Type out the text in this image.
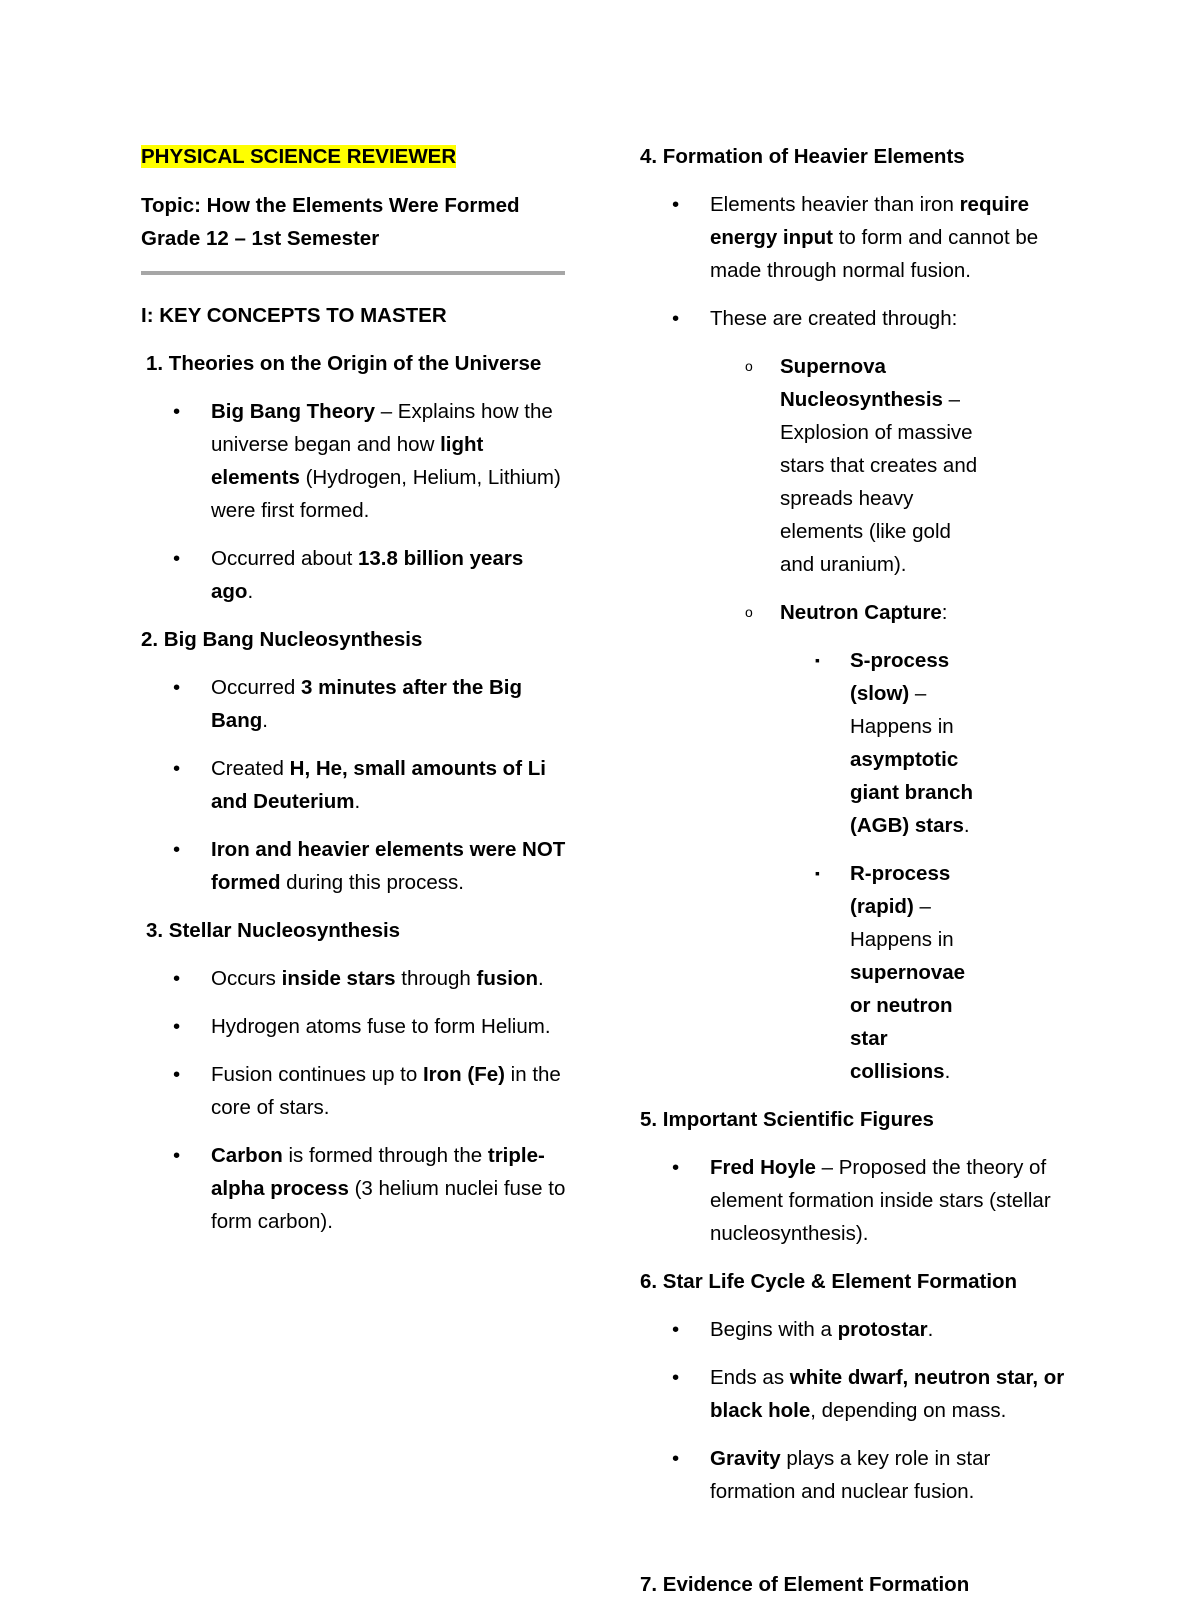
PHYSICAL SCIENCE REVIEWER

Topic: How the Elements Were Formed

Grade 12 – 1st Semester

I: KEY CONCEPTS TO MASTER
1. Theories on the Origin of the Universe
• Big Bang Theory – Explains how the universe began and how light elements (Hydrogen, Helium, Lithium) were first formed.
• Occurred about 13.8 billion years ago.
2. Big Bang Nucleosynthesis
• Occurred 3 minutes after the Big Bang.
• Created H, He, small amounts of Li and Deuterium.
• Iron and heavier elements were NOT formed during this process.
3. Stellar Nucleosynthesis
• Occurs inside stars through fusion.
• Hydrogen atoms fuse to form Helium.
• Fusion continues up to Iron (Fe) in the core of stars.
• Carbon is formed through the triple-alpha process (3 helium nuclei fuse to form carbon).
4. Formation of Heavier Elements
• Elements heavier than iron require energy input to form and cannot be made through normal fusion.
• These are created through:
o Supernova Nucleosynthesis – Explosion of massive stars that creates and spreads heavy elements (like gold and uranium).
o Neutron Capture:
▪ S-process (slow) – Happens in asymptotic giant branch (AGB) stars.
▪ R-process (rapid) – Happens in supernovae or neutron star collisions.
5. Important Scientific Figures
• Fred Hoyle – Proposed the theory of element formation inside stars (stellar nucleosynthesis).
6. Star Life Cycle & Element Formation
• Begins with a protostar.
• Ends as white dwarf, neutron star, or black hole, depending on mass.
• Gravity plays a key role in star formation and nuclear fusion.
7. Evidence of Element Formation
